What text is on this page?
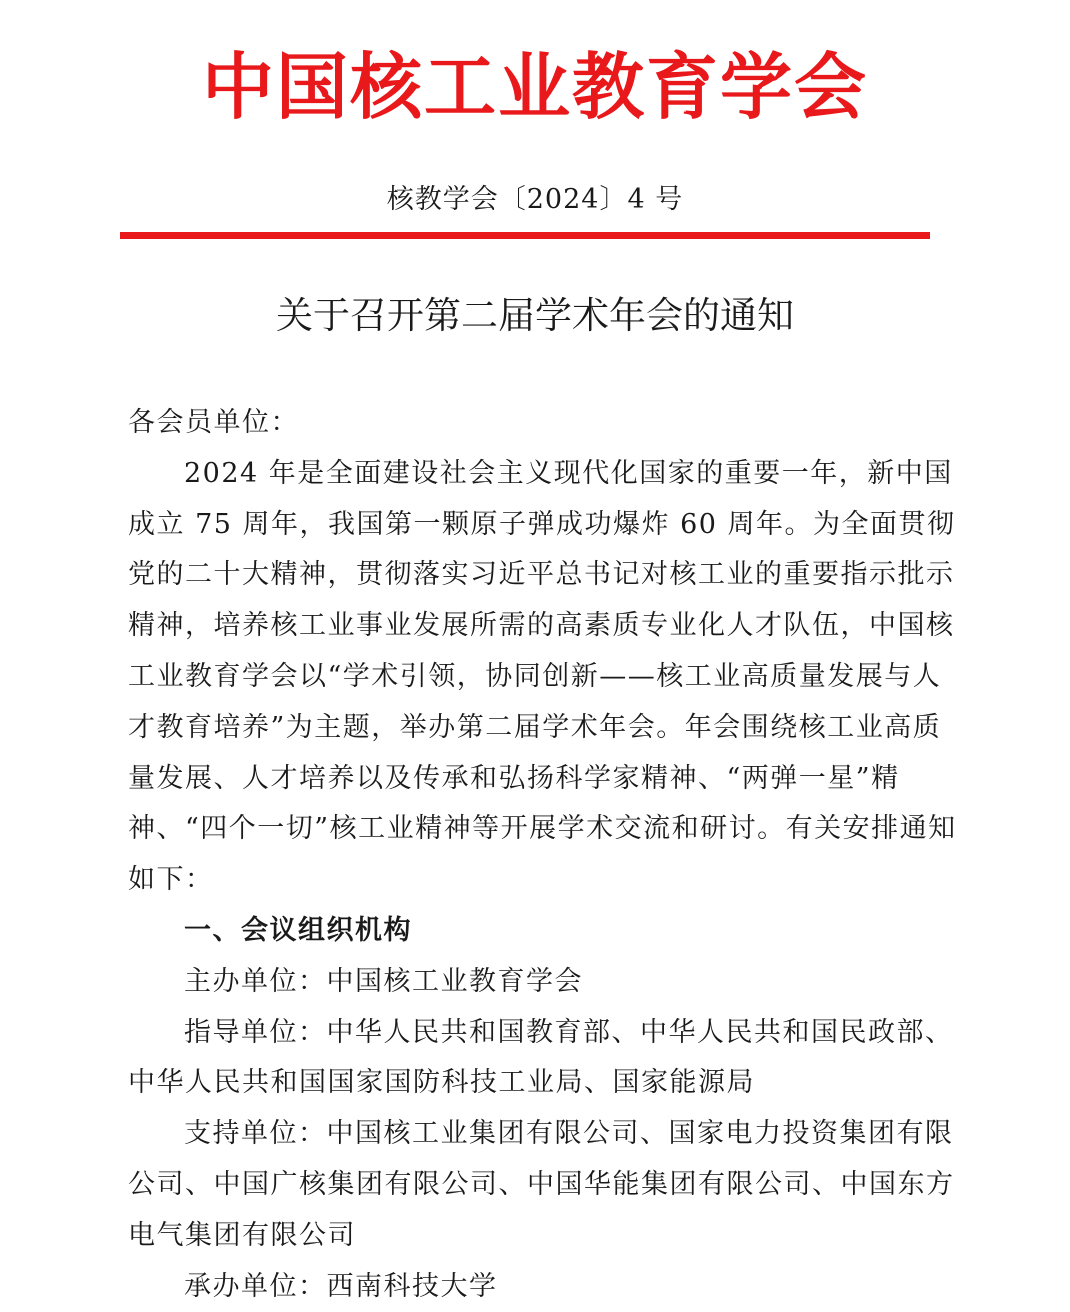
中国核工业教育学会
核教学会〔2024〕4 号
关于召开第二届学术年会的通知

各会员单位：

2024 年是全面建设社会主义现代化国家的重要一年，新中国成立 75 周年，我国第一颗原子弹成功爆炸 60 周年。为全面贯彻党的二十大精神，贯彻落实习近平总书记对核工业的重要指示批示精神，培养核工业事业发展所需的高素质专业化人才队伍，中国核工业教育学会以“学术引领，协同创新——核工业高质量发展与人才教育培养”为主题，举办第二届学术年会。年会围绕核工业高质量发展、人才培养以及传承和弘扬科学家精神、“两弹一星”精神、“四个一切”核工业精神等开展学术交流和研讨。有关安排通知如下：

一、会议组织机构

主办单位：中国核工业教育学会

指导单位：中华人民共和国教育部、中华人民共和国民政部、中华人民共和国国家国防科技工业局、国家能源局

支持单位：中国核工业集团有限公司、国家电力投资集团有限公司、中国广核集团有限公司、中国华能集团有限公司、中国东方电气集团有限公司

承办单位：西南科技大学
